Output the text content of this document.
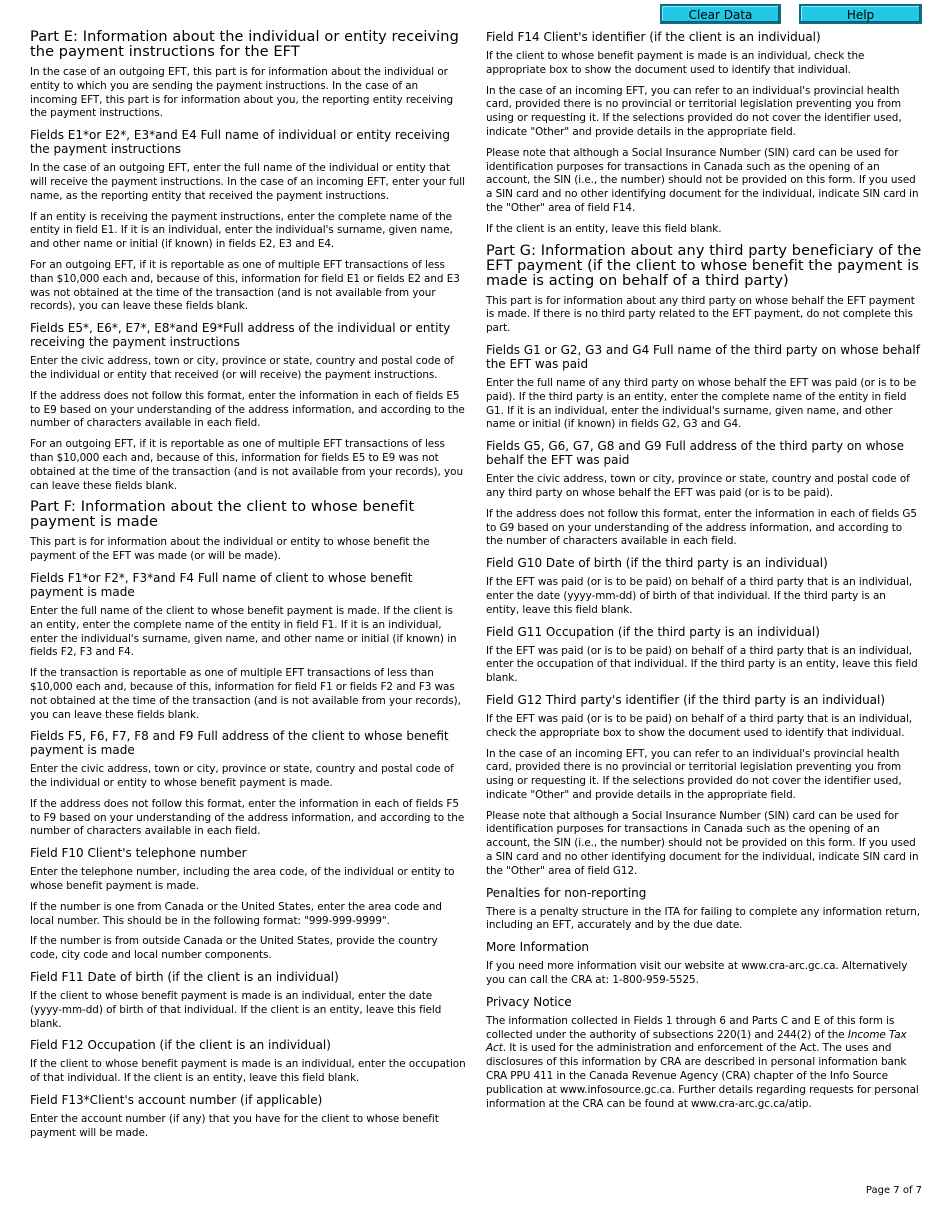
Clear Data	Help
Part E: Information about the individual or entity receiving the payment instructions for the EFT

In the case of an outgoing EFT, this part is for information about the individual or entity to which you are sending the payment instructions. In the case of an incoming EFT, this part is for information about you, the reporting entity receiving the payment instructions.

Fields E1*or E2*, E3*and E4 Full name of individual or entity receiving the payment instructions

In the case of an outgoing EFT, enter the full name of the individual or entity that will receive the payment instructions. In the case of an incoming EFT, enter your full name, as the reporting entity that received the payment instructions.

If an entity is receiving the payment instructions, enter the complete name of the entity in field E1. If it is an individual, enter the individual's surname, given name, and other name or initial (if known) in fields E2, E3 and E4.

For an outgoing EFT, if it is reportable as one of multiple EFT transactions of less than $10,000 each and, because of this, information for field E1 or fields E2 and E3 was not obtained at the time of the transaction (and is not available from your records), you can leave these fields blank.

Fields E5*, E6*, E7*, E8*and E9*Full address of the individual or entity receiving the payment instructions

Enter the civic address, town or city, province or state, country and postal code of the individual or entity that received (or will receive) the payment instructions.

If the address does not follow this format, enter the information in each of fields E5 to E9 based on your understanding of the address information, and according to the number of characters available in each field.

For an outgoing EFT, if it is reportable as one of multiple EFT transactions of less than $10,000 each and, because of this, information for fields E5 to E9 was not obtained at the time of the transaction (and is not available from your records), you can leave these fields blank.

Part F: Information about the client to whose benefit payment is made

This part is for information about the individual or entity to whose benefit the payment of the EFT was made (or will be made).

Fields F1*or F2*, F3*and F4 Full name of client to whose benefit payment is made

Enter the full name of the client to whose benefit payment is made. If the client is an entity, enter the complete name of the entity in field F1. If it is an individual, enter the individual's surname, given name, and other name or initial (if known) in fields F2, F3 and F4.

If the transaction is reportable as one of multiple EFT transactions of less than $10,000 each and, because of this, information for field F1 or fields F2 and F3 was not obtained at the time of the transaction (and is not available from your records), you can leave these fields blank.

Fields F5, F6, F7, F8 and F9 Full address of the client to whose benefit payment is made

Enter the civic address, town or city, province or state, country and postal code of the individual or entity to whose benefit payment is made.

If the address does not follow this format, enter the information in each of fields F5 to F9 based on your understanding of the address information, and according to the number of characters available in each field.

Field F10 Client's telephone number

Enter the telephone number, including the area code, of the individual or entity to whose benefit payment is made.

If the number is one from Canada or the United States, enter the area code and local number. This should be in the following format: "999-999-9999".

If the number is from outside Canada or the United States, provide the country code, city code and local number components.

Field F11 Date of birth (if the client is an individual)

If the client to whose benefit payment is made is an individual, enter the date (yyyy-mm-dd) of birth of that individual. If the client is an entity, leave this field blank.

Field F12 Occupation (if the client is an individual)

If the client to whose benefit payment is made is an individual, enter the occupation of that individual. If the client is an entity, leave this field blank.

Field F13*Client's account number (if applicable)

Enter the account number (if any) that you have for the client to whose benefit payment will be made.

Field F14 Client's identifier (if the client is an individual)

If the client to whose benefit payment is made is an individual, check the appropriate box to show the document used to identify that individual.

In the case of an incoming EFT, you can refer to an individual's provincial health card, provided there is no provincial or territorial legislation preventing you from using or requesting it. If the selections provided do not cover the identifier used, indicate "Other" and provide details in the appropriate field.

Please note that although a Social Insurance Number (SIN) card can be used for identification purposes for transactions in Canada such as the opening of an account, the SIN (i.e., the number) should not be provided on this form. If you used a SIN card and no other identifying document for the individual, indicate SIN card in the "Other" area of field F14.

If the client is an entity, leave this field blank.

Part G: Information about any third party beneficiary of the EFT payment (if the client to whose benefit the payment is made is acting on behalf of a third party)

This part is for information about any third party on whose behalf the EFT payment is made. If there is no third party related to the EFT payment, do not complete this part.

Fields G1 or G2, G3 and G4 Full name of the third party on whose behalf the EFT was paid

Enter the full name of any third party on whose behalf the EFT was paid (or is to be paid). If the third party is an entity, enter the complete name of the entity in field G1. If it is an individual, enter the individual's surname, given name, and other name or initial (if known) in fields G2, G3 and G4.

Fields G5, G6, G7, G8 and G9 Full address of the third party on whose behalf the EFT was paid

Enter the civic address, town or city, province or state, country and postal code of any third party on whose behalf the EFT was paid (or is to be paid).

If the address does not follow this format, enter the information in each of fields G5 to G9 based on your understanding of the address information, and according to the number of characters available in each field.

Field G10 Date of birth (if the third party is an individual)

If the EFT was paid (or is to be paid) on behalf of a third party that is an individual, enter the date (yyyy-mm-dd) of birth of that individual. If the third party is an entity, leave this field blank.

Field G11 Occupation (if the third party is an individual)

If the EFT was paid (or is to be paid) on behalf of a third party that is an individual, enter the occupation of that individual. If the third party is an entity, leave this field blank.

Field G12 Third party's identifier (if the third party is an individual)

If the EFT was paid (or is to be paid) on behalf of a third party that is an individual, check the appropriate box to show the document used to identify that individual.

In the case of an incoming EFT, you can refer to an individual's provincial health card, provided there is no provincial or territorial legislation preventing you from using or requesting it. If the selections provided do not cover the identifier used, indicate "Other" and provide details in the appropriate field.

Please note that although a Social Insurance Number (SIN) card can be used for identification purposes for transactions in Canada such as the opening of an account, the SIN (i.e., the number) should not be provided on this form. If you used a SIN card and no other identifying document for the individual, indicate SIN card in the "Other" area of field G12.

Penalties for non-reporting

There is a penalty structure in the ITA for failing to complete any information return, including an EFT, accurately and by the due date.

More Information

If you need more information visit our website at www.cra-arc.gc.ca. Alternatively you can call the CRA at: 1-800-959-5525.

Privacy Notice

The information collected in Fields 1 through 6 and Parts C and E of this form is collected under the authority of subsections 220(1) and 244(2) of the Income Tax Act. It is used for the administration and enforcement of the Act. The uses and disclosures of this information by CRA are described in personal information bank CRA PPU 411 in the Canada Revenue Agency (CRA) chapter of the Info Source publication at www.infosource.gc.ca. Further details regarding requests for personal information at the CRA can be found at www.cra-arc.gc.ca/atip.

Page 7 of 7
